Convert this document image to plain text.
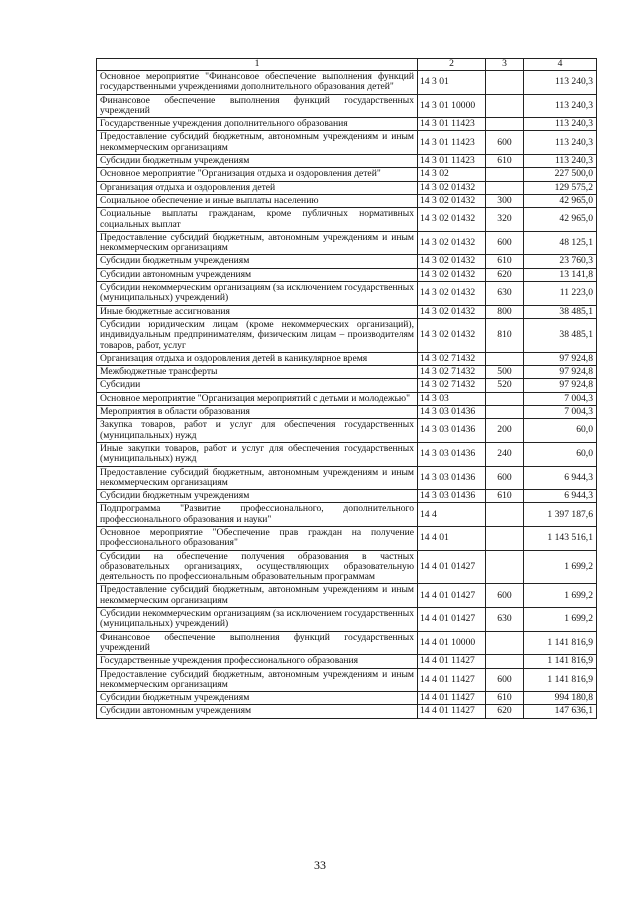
1	2	3	4
Основное мероприятие "Финансовое обеспечение выполнения функций государственными учреждениями дополнительного образования детей"	14 3 01		113 240,3
Финансовое обеспечение выполнения функций государственных учреждений	14 3 01 10000		113 240,3
Государственные учреждения дополнительного образования	14 3 01 11423		113 240,3
Предоставление субсидий бюджетным, автономным учреждениям и иным некоммерческим организациям	14 3 01 11423	600	113 240,3
Субсидии бюджетным учреждениям	14 3 01 11423	610	113 240,3
Основное мероприятие "Организация отдыха и оздоровления детей"	14 3 02		227 500,0
Организация отдыха и оздоровления детей	14 3 02 01432		129 575,2
Социальное обеспечение и иные выплаты населению	14 3 02 01432	300	42 965,0
Социальные выплаты гражданам, кроме публичных нормативных социальных выплат	14 3 02 01432	320	42 965,0
Предоставление субсидий бюджетным, автономным учреждениям и иным некоммерческим организациям	14 3 02 01432	600	48 125,1
Субсидии бюджетным учреждениям	14 3 02 01432	610	23 760,3
Субсидии автономным учреждениям	14 3 02 01432	620	13 141,8
Субсидии некоммерческим организациям (за исключением государственных (муниципальных) учреждений)	14 3 02 01432	630	11 223,0
Иные бюджетные ассигнования	14 3 02 01432	800	38 485,1
Субсидии юридическим лицам (кроме некоммерческих организаций), индивидуальным предпринимателям, физическим лицам – производителям товаров, работ, услуг	14 3 02 01432	810	38 485,1
Организация отдыха и оздоровления детей в каникулярное время	14 3 02 71432		97 924,8
Межбюджетные трансферты	14 3 02 71432	500	97 924,8
Субсидии	14 3 02 71432	520	97 924,8
Основное мероприятие "Организация мероприятий с детьми и молодежью"	14 3 03		7 004,3
Мероприятия в области образования	14 3 03 01436		7 004,3
Закупка товаров, работ и услуг для обеспечения государственных (муниципальных) нужд	14 3 03 01436	200	60,0
Иные закупки товаров, работ и услуг для обеспечения государственных (муниципальных) нужд	14 3 03 01436	240	60,0
Предоставление субсидий бюджетным, автономным учреждениям и иным некоммерческим организациям	14 3 03 01436	600	6 944,3
Субсидии бюджетным учреждениям	14 3 03 01436	610	6 944,3
Подпрограмма "Развитие профессионального, дополнительного профессионального образования и науки"	14 4		1 397 187,6
Основное мероприятие "Обеспечение прав граждан на получение профессионального образования"	14 4 01		1 143 516,1
Субсидии на обеспечение получения образования в частных образовательных организациях, осуществляющих образовательную деятельность по профессиональным образовательным программам	14 4 01 01427		1 699,2
Предоставление субсидий бюджетным, автономным учреждениям и иным некоммерческим организациям	14 4 01 01427	600	1 699,2
Субсидии некоммерческим организациям (за исключением государственных (муниципальных) учреждений)	14 4 01 01427	630	1 699,2
Финансовое обеспечение выполнения функций государственных учреждений	14 4 01 10000		1 141 816,9
Государственные учреждения профессионального образования	14 4 01 11427		1 141 816,9
Предоставление субсидий бюджетным, автономным учреждениям и иным некоммерческим организациям	14 4 01 11427	600	1 141 816,9
Субсидии бюджетным учреждениям	14 4 01 11427	610	994 180,8
Субсидии автономным учреждениям	14 4 01 11427	620	147 636,1
33
